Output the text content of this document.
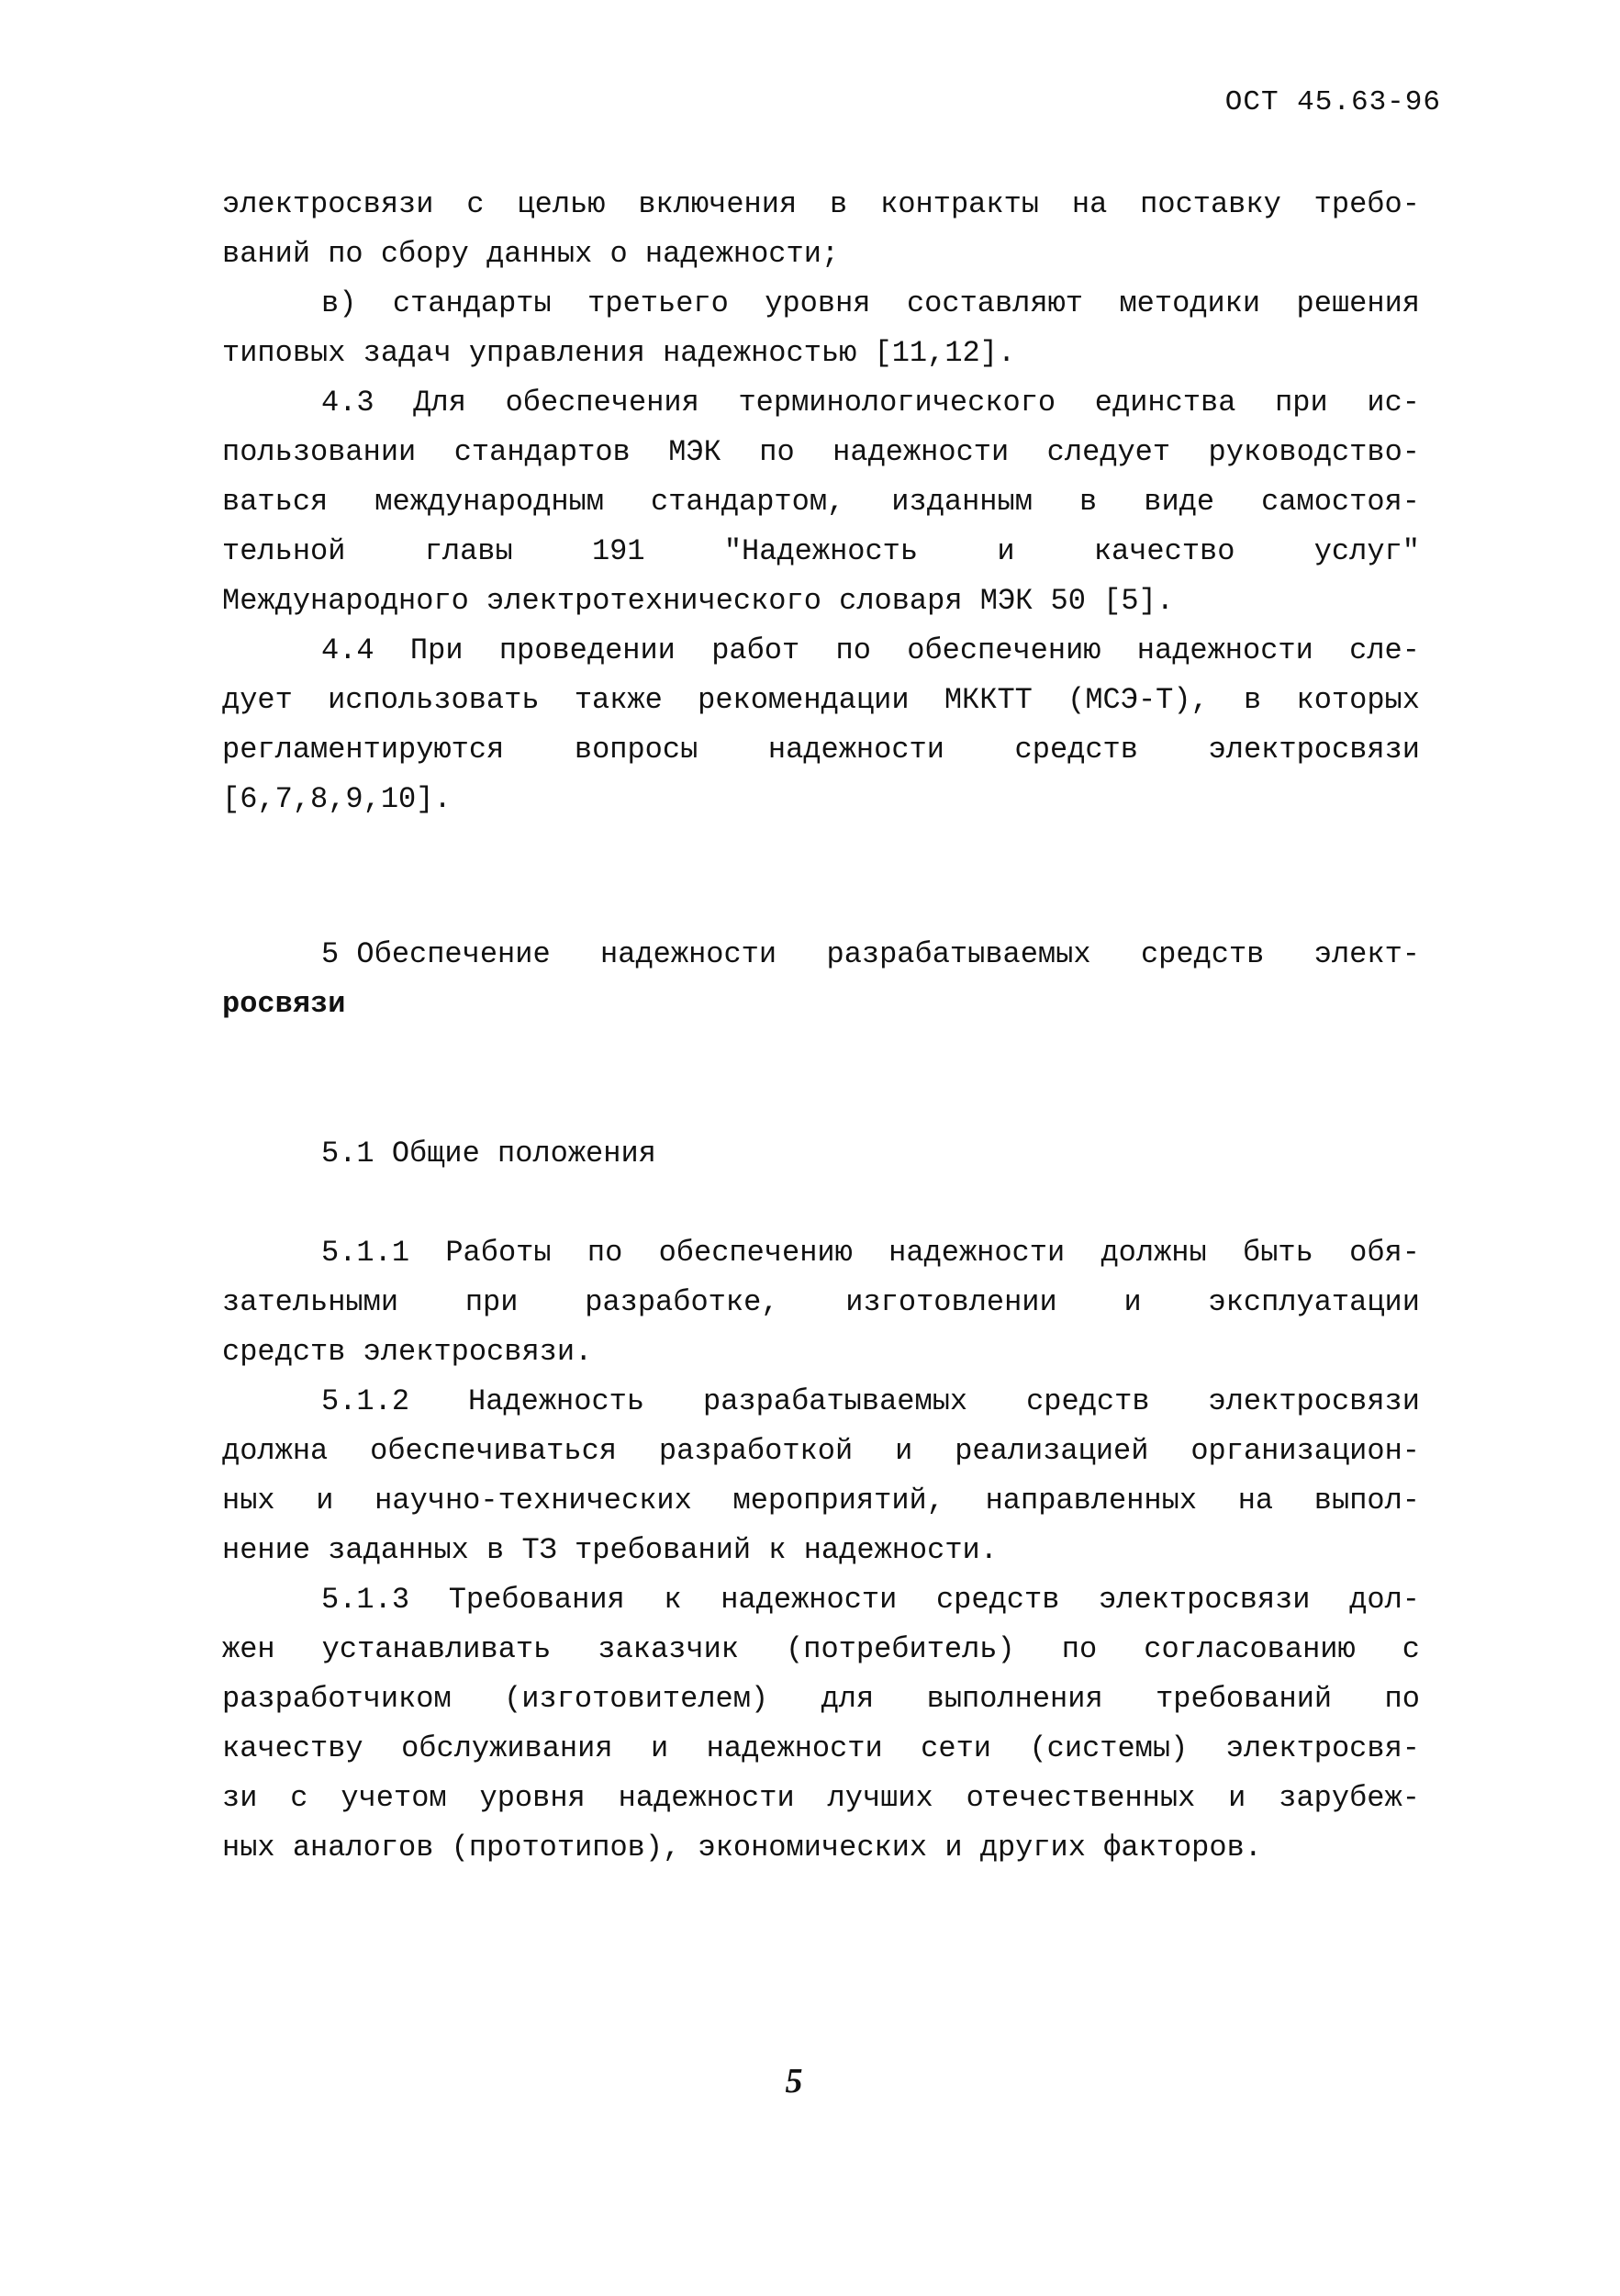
ОСТ 45.63-96
электросвязи с целью включения в контракты на поставку требо-
ваний по сбору данных о надежности;
в) стандарты третьего уровня составляют методики решения
типовых задач управления надежностью [11,12].
4.3 Для обеспечения терминологического единства при ис-
пользовании стандартов МЭК по надежности следует руководство-
ваться международным стандартом, изданным в виде самостоя-
тельной	главы	191	"Надежность	и	качество	услуг"
Международного электротехнического словаря МЭК 50 [5].
4.4 При проведении работ по обеспечению надежности сле-
дует использовать также рекомендации МККТТ (МСЭ-Т), в которых
регламентируются вопросы надежности средств электросвязи
[6,7,8,9,10].
5 Обеспечение надежности разрабатываемых средств элект-
росвязи
5.1 Общие положения
5.1.1 Работы по обеспечению надежности должны быть обя-
зательными при разработке, изготовлении и эксплуатации
средств электросвязи.
5.1.2 Надежность разрабатываемых средств электросвязи
должна обеспечиваться разработкой и реализацией организацион-
ных и научно-технических мероприятий, направленных на выпол-
нение заданных в ТЗ требований к надежности.
5.1.3 Требования к надежности средств электросвязи дол-
жен устанавливать заказчик (потребитель) по согласованию с
разработчиком (изготовителем) для выполнения требований по
качеству обслуживания и надежности сети (системы) электросвя-
зи с учетом уровня надежности лучших отечественных и зарубеж-
ных аналогов (прототипов), экономических и других факторов.
5
